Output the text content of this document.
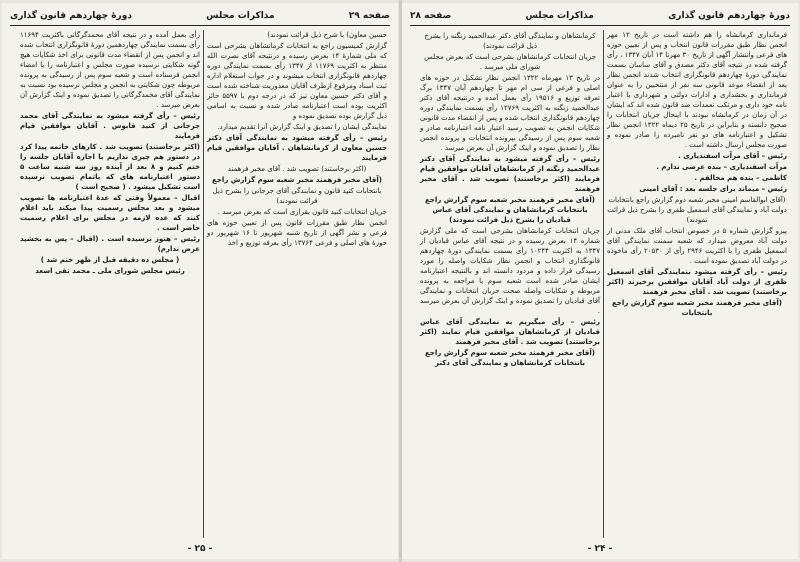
صفحه ۲۹
مذاکرات مجلس
دورهٔ چهاردهم قانون گذاری

حسین معاون) با شرح ذیل قرائت نمودند)

گزارش کمیسیون راجع به انتخابات کرمانشاهان بشرحی است که ملی شمارهٔ ۱۴ بعرض رسیده و درنتیجه آقای نصرت الله منتظر به اکثریت ۱۱۷۶۹ از ۱۳۴۷ رأی بسمت نمایندگی دوره چهاردهم قانونگزاری انتخاب میشوند و در جواب استعلام اداره ثبت اسناد ومرفوع ازطرف آقایان معذوریت شناخته شده است و آقای دکتر حسین معاون نیز که در درجه دوم با ۵۵۹۷ حائز اکثریت بوده است اعتبارنامه صادر شده و نسبت به اسامی ذیل گزارش بوده تصدیق نموده و

نمایندگی ایشان را تصدیق و اینک گزارش آنرا تقدیم میدارد.

رئیس – رأی گرفته میشود به نمایندگی آقای دکتر حسین معاون از کرمانشاهان . آقایان موافقین قیام فرمایند

(اکثر برخاستند) تصویب شد . آقای مخبر فرهمند

(آقای مخبر فرهمند مخبر شعبه سوم گزارش راجع

بانتخابات کنید قانون و نمایندگی آقای جرجانی را بشرح ذیل قرائت نمودند)

جریان انتخابات کنید قانون بقراری است که بعرض میرسد .

انجمن نظار طبق مقررات قانون پس از تعیین حوزه های فرعی و نشر آگهی از تاریخ شنبه شهریور تا ۱۶ شهریور دو حوزهٔ های اصلی و فرعی ۱۳۷۶۴ رأی بعرفه توزیع و اخذ

رأی بعمل آمده و در نتیجه آقای محمدگرگانی باکثریت ۱۱۶۹۴ رأی بسمت نمایندگی چهاردهمین دورهٔ قانونگزاری انتخاب شده اند و انجمن پس از انقضاء مدت قانونی برای اخذ شکایات هیچ گونه شکایتی نرسیده صورت مجلس و اعتبارنامه را با امضاء انجمن فرستاده است و شعبه سوم پس از رسیدگی به پرونده مربوطه چون شکایتی به انجمن و مجلس نرسیده بود نسبت به نمایندگی آقای محمدگرگانی را تصدیق نموده و اینک گزارش آن بعرض میرسد .

رئیس – رأی گرفته میشود به نمایندگی آقای محمد جرجانی از کنبد قابوس . آقایان موافقین قیام فرمایند

(اکثر برخاستند) تصویب شد . کارهای خاتمه پیدا کرد در دستور هم چیزی نداریم با اجازه آقایان جلسه را ختم کنیم و ۸ بعد از آینده روز سه شنبه ساعت ۵ دستور اعتبارنامه های که باتمام تصویب نرسیده است تشکیل میشود . ( صحیح است )

اقبال – معمولاً وقتی که عدهٔ اعتبارنامه ها تصویب میشود و بعد مجلس رسمیت پیدا میکند باید اعلام کنند که عده لازمه در مجلس برای اعلام رسمیت حاضر است .

رئیس – هنوز نرسیده است . (اقبال – پس به بخشید عرض ندارم)

( مجلس ده دقیقه قبل از ظهر ختم شد )

رئیس مجلس شورای ملی ـ محمد تقی اسعد

- ۲۵ -
دورهٔ چهاردهم قانون گذاری
مذاکرات مجلس
صفحه ۲۸

فرمانداری کرمانشاه را هم داشته است در تاریخ ۱۲ مهر انجمن نظار طبق مقررات قانون انتخاب و پس از تعیین حوزه های فرعی وانتشار آگهی از تاریخ ۳۰ مهرتا ۱۴ آبان ۱۳۴۷ ، رأی گرفته شده در نتیجه آقای دکتر مصدق و آقای ساسان بسمت نمایندگی دورهٔ چهاردهم قانونگزاری انتخاب شدند انجمن نظار بعد از انقضاء موعد قانونی سه نفر از منتخبین را به عنوان فرمانداری و بخشداری و ادارات دولتی و شهرداری با اعتبار نامه خود داری و مرتکب تعمدات ضد قانون شده اند که ایشان در آن زمان در کرمانشاه نبودند با اینحال جریان انتخابات را صحیح دانسته و بنابراین در تاریخ ۲۵ دیماه ۱۳۲۲ انجمن نظار تشکیل و اعتبارنامه های دو نفر نامبرده را صادر نموده و صورت مجلس ارسال داشته است .

رئیس – آقای مرآت اسفندیاری .

مرآت اسفندیاری – بنده عرضی ندارم .

کاظمی – بنده هم مخالفم .

رئیس – میماند برای جلسه بعد : آقای امینی

(آقای ابوالقاسم امینی مخبر شعبه دوم گزارش راجع بانتخابات دولت آباد و نمایندگی آقای اسمعیل ظفری را بشرح ذیل قرائت نمودند)

پیرو گزارش شماره ۵ در خصوص انتخاب آقای ملک مدنی از دولت آباد معروض میدارد که شعبه سمنت نمایندگی آقای اسمعیل ظفری را با اکثریت ۲۹۴۶ رأی از ۲۰۵۳۰ رأی ماخوذه در دولت آباد تصدیق نموده است .

رئیس – رأی گرفته میشود بنمایندگی آقای اسمعیل ظفری از دولت آباد آقایان موافقین برخیزند (اکثر برخاستند) تصویب شد . آقای مخبر فرهمند

(آقای مخبر فرهمند مخبر شعبه سوم گزارش راجع بانتخابات

کرمانشاهان و نمایندگی آقای دکتر عبدالحمید زنگنه را بشرح ذیل قرائت نمودند)

جریان انتخابات کرمانشاهان بشرحی است که بعرض مجلس شورای ملی میرسد .

در تاریخ ۱۳ مهرماه ۱۳۲۲ انجمن نظار تشکیل در حوزه های اصلی و فرعی از سی ام مهر تا چهاردهم آبان ۱۳۴۷ برگ تعرفه توزیع و ۱۹۵۱۶ رأی بعمل آمده و درنتیجه آقای دکتر عبدالحمید زنگنه به اکثریت ۱۲۷۶۹ رأی بسمت نمایندگی دوره چهاردهم قانونگذاری انتخاب شده و پس از انقضاء مدت قانونی شکایات انجمن به تصویب رسید اعتبار نامه اعتبارنامه صادر و شعبه سوم پس از رسیدگی بپرونده انتخابات و پرونده انجمن نظار را تصدیق نموده و اینک گزارش آن بعرض میرسد .

رئیس – رأی گرفته میشود به نمایندگی آقای دکتر عبدالحمید زنگنه از کرمانشاهان آقایان موافقین قیام فرمایند (اکثر برخاستند) تصویب شد . آقای مخبر فرهمند

(آقای مخبر فرهمند مخبر شعبه سوم گزارش راجع بانتخابات کرمانشاهان و نمایندگی آقای عباس قبادیان را بشرح ذیل قرائت نمودند)

جریان انتخابات کرمانشاهان بشرحی است که ملی گزارش شماره ۱۴ بعرض رسیده و در نتیجه آقای عباس قبادیان از ۱۳۴۷ به اکثریت ۱۰۲۴۴ رأی بسمت نمایندگی دورهٔ چهاردهم قانونگذاری انتخاب و انجمن نظار شکایات واصله را مورد رسیدگی قرار داده و مردود دانسته اند و بالنتیجه اعتبارنامه ایشان صادر شده است شعبه سوم با مراجعه به پرونده مربوطه و شکایات واصله صحت جریان انتخابات و نمایندگی آقای قبادیان را تصدیق نموده و اینک گزارش آن بعرض میرسد .

رئیس – رأی میگیریم به نمایندگی آقای عباس قبادیان از کرمانشاهان موافقین قیام نمایند (اکثر برخاستند) تصویب شد . آقای مخبر فرهمند

(آقای مخبر فرهمند مخبر شعبه سوم گزارش راجع بانتخابات کرمانشاهان و نمایندگی آقای دکتر

- ۲۴ -
